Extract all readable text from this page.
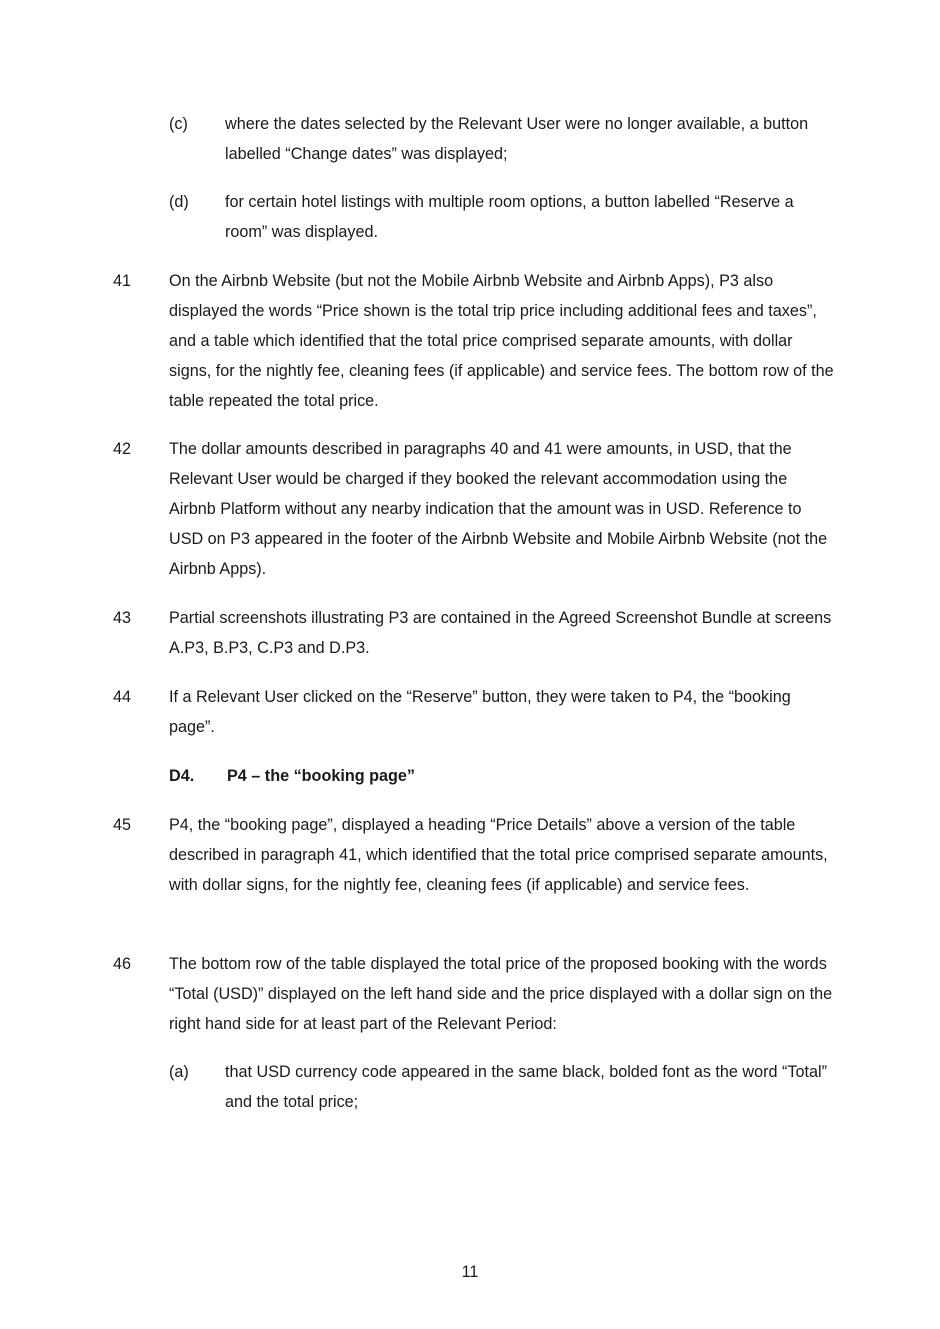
(c) where the dates selected by the Relevant User were no longer available, a button labelled “Change dates” was displayed;
(d) for certain hotel listings with multiple room options, a button labelled “Reserve a room” was displayed.
41 On the Airbnb Website (but not the Mobile Airbnb Website and Airbnb Apps), P3 also displayed the words “Price shown is the total trip price including additional fees and taxes”, and a table which identified that the total price comprised separate amounts, with dollar signs, for the nightly fee, cleaning fees (if applicable) and service fees. The bottom row of the table repeated the total price.
42 The dollar amounts described in paragraphs 40 and 41 were amounts, in USD, that the Relevant User would be charged if they booked the relevant accommodation using the Airbnb Platform without any nearby indication that the amount was in USD. Reference to USD on P3 appeared in the footer of the Airbnb Website and Mobile Airbnb Website (not the Airbnb Apps).
43 Partial screenshots illustrating P3 are contained in the Agreed Screenshot Bundle at screens A.P3, B.P3, C.P3 and D.P3.
44 If a Relevant User clicked on the “Reserve” button, they were taken to P4, the “booking page”.
D4. P4 – the “booking page”
45 P4, the “booking page”, displayed a heading “Price Details” above a version of the table described in paragraph 41, which identified that the total price comprised separate amounts, with dollar signs, for the nightly fee, cleaning fees (if applicable) and service fees.
46 The bottom row of the table displayed the total price of the proposed booking with the words “Total (USD)” displayed on the left hand side and the price displayed with a dollar sign on the right hand side for at least part of the Relevant Period:
(a) that USD currency code appeared in the same black, bolded font as the word “Total” and the total price;
11
